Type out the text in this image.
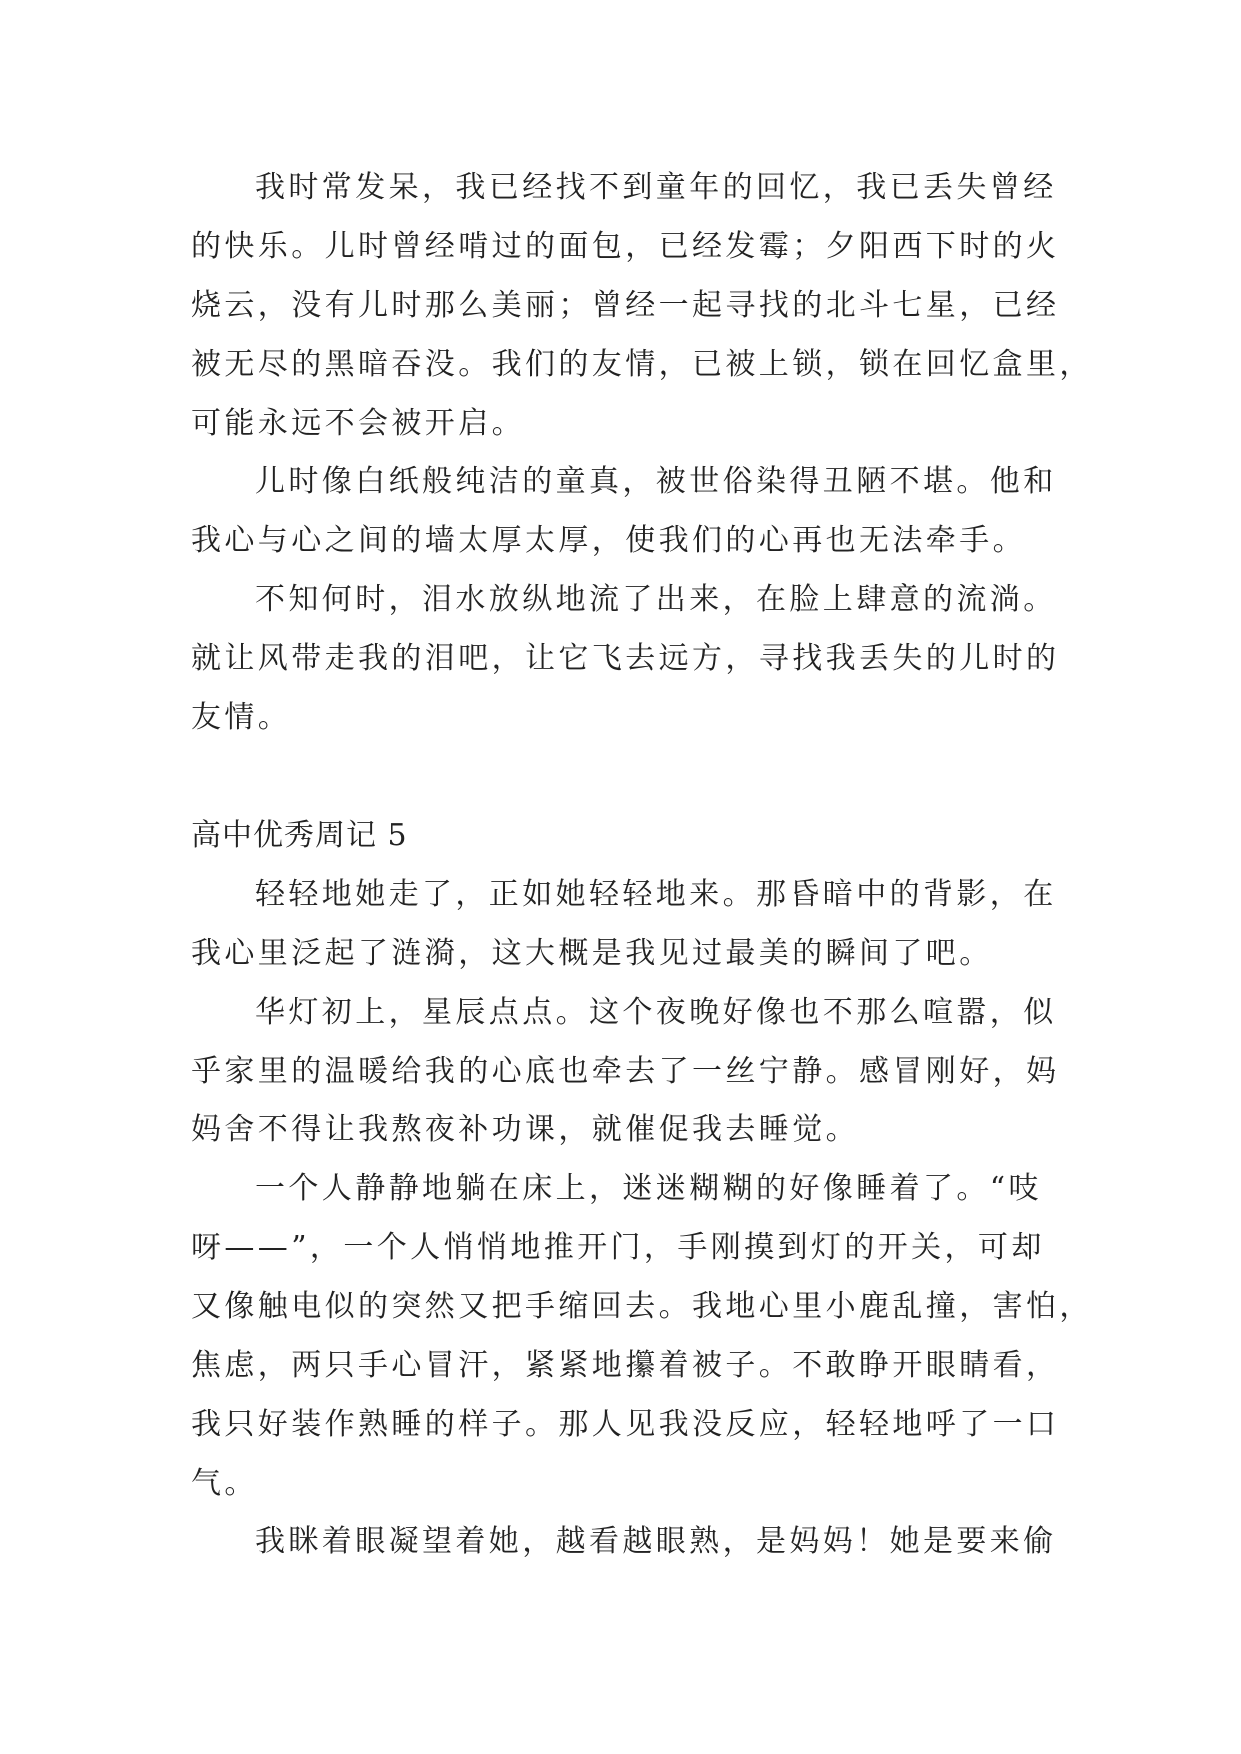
我时常发呆，我已经找不到童年的回忆，我已丢失曾经
的快乐。儿时曾经啃过的面包，已经发霉；夕阳西下时的火
烧云，没有儿时那么美丽；曾经一起寻找的北斗七星，已经
被无尽的黑暗吞没。我们的友情，已被上锁，锁在回忆盒里，
可能永远不会被开启。
儿时像白纸般纯洁的童真，被世俗染得丑陋不堪。他和
我心与心之间的墙太厚太厚，使我们的心再也无法牵手。
不知何时，泪水放纵地流了出来，在脸上肆意的流淌。
就让风带走我的泪吧，让它飞去远方，寻找我丢失的儿时的
友情。
高中优秀周记 5
轻轻地她走了，正如她轻轻地来。那昏暗中的背影，在
我心里泛起了涟漪，这大概是我见过最美的瞬间了吧。
华灯初上，星辰点点。这个夜晚好像也不那么喧嚣，似
乎家里的温暖给我的心底也牵去了一丝宁静。感冒刚好，妈
妈舍不得让我熬夜补功课，就催促我去睡觉。
一个人静静地躺在床上，迷迷糊糊的好像睡着了。“吱
呀——”，一个人悄悄地推开门，手刚摸到灯的开关，可却
又像触电似的突然又把手缩回去。我地心里小鹿乱撞，害怕，
焦虑，两只手心冒汗，紧紧地攥着被子。不敢睁开眼睛看，
我只好装作熟睡的样子。那人见我没反应，轻轻地呼了一口
气。
我眯着眼凝望着她，越看越眼熟，是妈妈！她是要来偷
